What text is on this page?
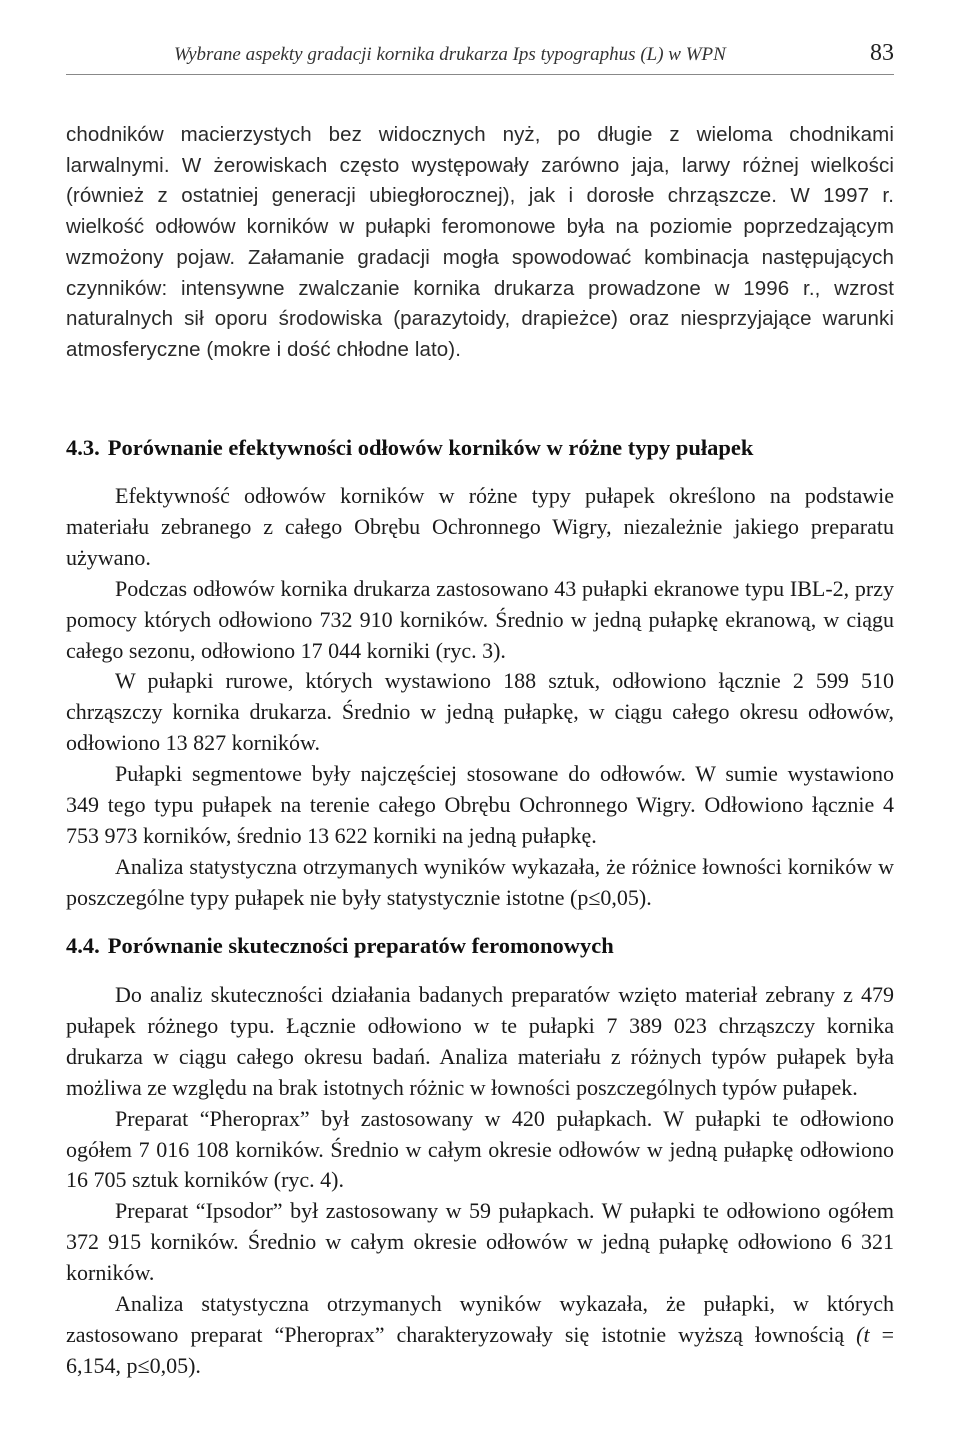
Wybrane aspekty gradacji kornika drukarza Ips typographus (L) w WPN	83

chodników macierzystych bez widocznych nyż, po długie z wieloma chodnikami larwalnymi. W żerowiskach często występowały zarówno jaja, larwy różnej wielkości (również z ostatniej generacji ubiegłorocznej), jak i dorosłe chrząszcze. W 1997 r. wielkość odłowów korników w pułapki feromonowe była na poziomie poprzedzającym wzmożony pojaw. Załamanie gradacji mogła spowodować kombinacja następujących czynników: intensywne zwalczanie kornika drukarza prowadzone w 1996 r., wzrost naturalnych sił oporu środowiska (parazytoidy, drapieżce) oraz niesprzyjające warunki atmosferyczne (mokre i dość chłodne lato).

4.3. Porównanie efektywności odłowów korników w różne typy pułapek

Efektywność odłowów korników w różne typy pułapek określono na podstawie materiału zebranego z całego Obrębu Ochronnego Wigry, niezależnie jakiego preparatu używano.

Podczas odłowów kornika drukarza zastosowano 43 pułapki ekranowe typu IBL-2, przy pomocy których odłowiono 732 910 korników. Średnio w jedną pułapkę ekranową, w ciągu całego sezonu, odłowiono 17 044 korniki (ryc. 3).

W pułapki rurowe, których wystawiono 188 sztuk, odłowiono łącznie 2 599 510 chrząszczy kornika drukarza. Średnio w jedną pułapkę, w ciągu całego okresu odłowów, odłowiono 13 827 korników.

Pułapki segmentowe były najczęściej stosowane do odłowów. W sumie wystawiono 349 tego typu pułapek na terenie całego Obrębu Ochronnego Wigry. Odłowiono łącznie 4 753 973 korników, średnio 13 622 korniki na jedną pułapkę.

Analiza statystyczna otrzymanych wyników wykazała, że różnice łowności korników w poszczególne typy pułapek nie były statystycznie istotne (p≤0,05).

4.4. Porównanie skuteczności preparatów feromonowych

Do analiz skuteczności działania badanych preparatów wzięto materiał zebrany z 479 pułapek różnego typu. Łącznie odłowiono w te pułapki 7 389 023 chrząszczy kornika drukarza w ciągu całego okresu badań. Analiza materiału z różnych typów pułapek była możliwa ze względu na brak istotnych różnic w łowności poszczególnych typów pułapek.

Preparat “Pheroprax” był zastosowany w 420 pułapkach. W pułapki te odłowiono ogółem 7 016 108 korników. Średnio w całym okresie odłowów w jedną pułapkę odłowiono 16 705 sztuk korników (ryc. 4).

Preparat “Ipsodor” był zastosowany w 59 pułapkach. W pułapki te odłowiono ogółem 372 915 korników. Średnio w całym okresie odłowów w jedną pułapkę odłowiono 6 321 korników.

Analiza statystyczna otrzymanych wyników wykazała, że pułapki, w których zastosowano preparat “Pheroprax” charakteryzowały się istotnie wyższą łownością (t = 6,154, p≤0,05).
